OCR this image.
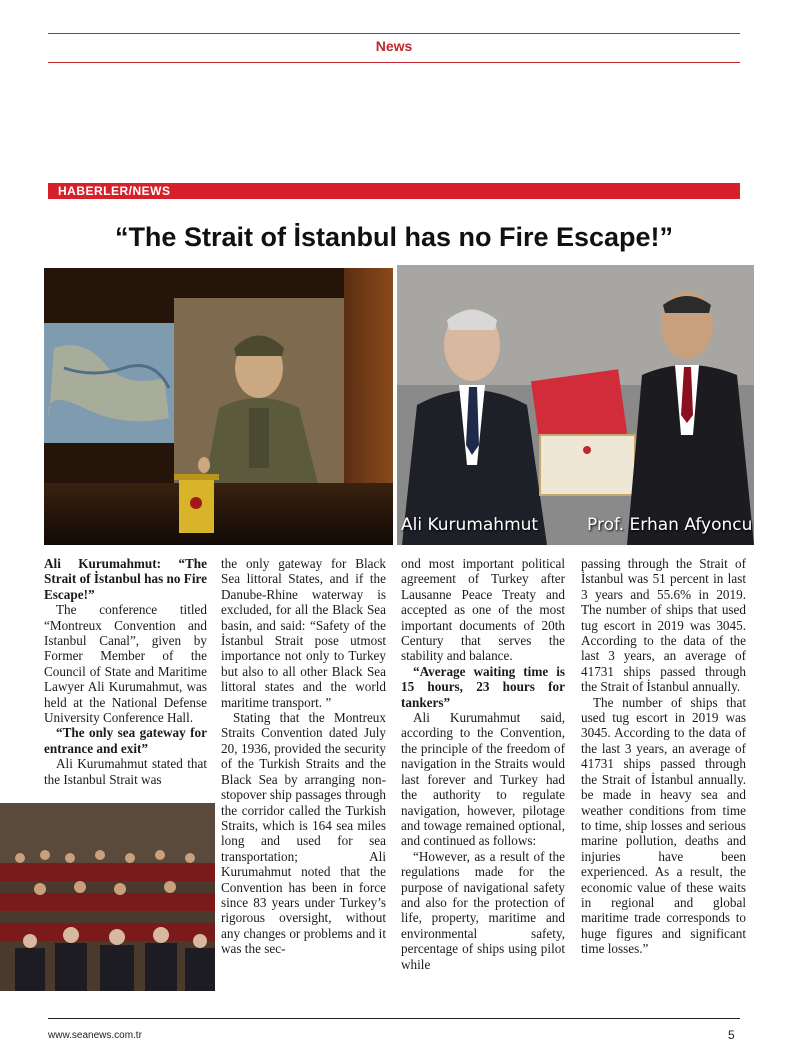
News
HABERLER/NEWS
“The Strait of İstanbul has no Fire Escape!”
Ali Kurumahmut	Prof. Erhan Afyoncu

Ali Kurumahmut: “The Strait of İstanbul has no Fire Escape!”

The conference titled “Montreux Convention and Istanbul Canal”, given by Former Member of the Council of State and Maritime Lawyer Ali Kurumahmut, was held at the National Defense University Conference Hall.

“The only sea gateway for entrance and exit”

Ali Kurumahmut stated that the Istanbul Strait was

the only gateway for Black Sea littoral States, and if the Danube-Rhine waterway is excluded, for all the Black Sea basin, and said: “Safety of the İstanbul Strait pose utmost importance not only to Turkey but also to all other Black Sea littoral states and the world maritime transport. ”

Stating that the Montreux Straits Convention dated July 20, 1936, provided the security of the Turkish Straits and the Black Sea by arranging non-stopover ship passages through the corridor called the Turkish Straits, which is 164 sea miles long and used for sea transportation; Ali Kurumahmut noted that the Convention has been in force since 83 years under Turkey’s rigorous oversight, without any changes or problems and it was the sec-

ond most important political agreement of Turkey after Lausanne Peace Treaty and accepted as one of the most important documents of 20th Century that serves the stability and balance.

“Average waiting time is 15 hours, 23 hours for tankers”

Ali Kurumahmut said, according to the Convention, the principle of the freedom of navigation in the Straits would last forever and Turkey had the authority to regulate navigation, however, pilotage and towage remained optional, and continued as follows:

“However, as a result of the regulations made for the purpose of navigational safety and also for the protection of life, property, maritime and environmental safety, percentage of ships using pilot while

passing through the Strait of İstanbul was 51 percent in last 3 years and 55.6% in 2019. The number of ships that used tug escort in 2019 was 3045. According to the data of the last 3 years, an average of 41731 ships passed through the Strait of İstanbul annually.

The number of ships that used tug escort in 2019 was 3045. According to the data of the last 3 years, an average of 41731 ships passed through the Strait of İstanbul annually. be made in heavy sea and weather conditions from time to time, ship losses and serious marine pollution, deaths and injuries have been experienced. As a result, the economic value of these waits in regional and global maritime trade corresponds to huge figures and significant time losses.”

www.seanews.com.tr	5
